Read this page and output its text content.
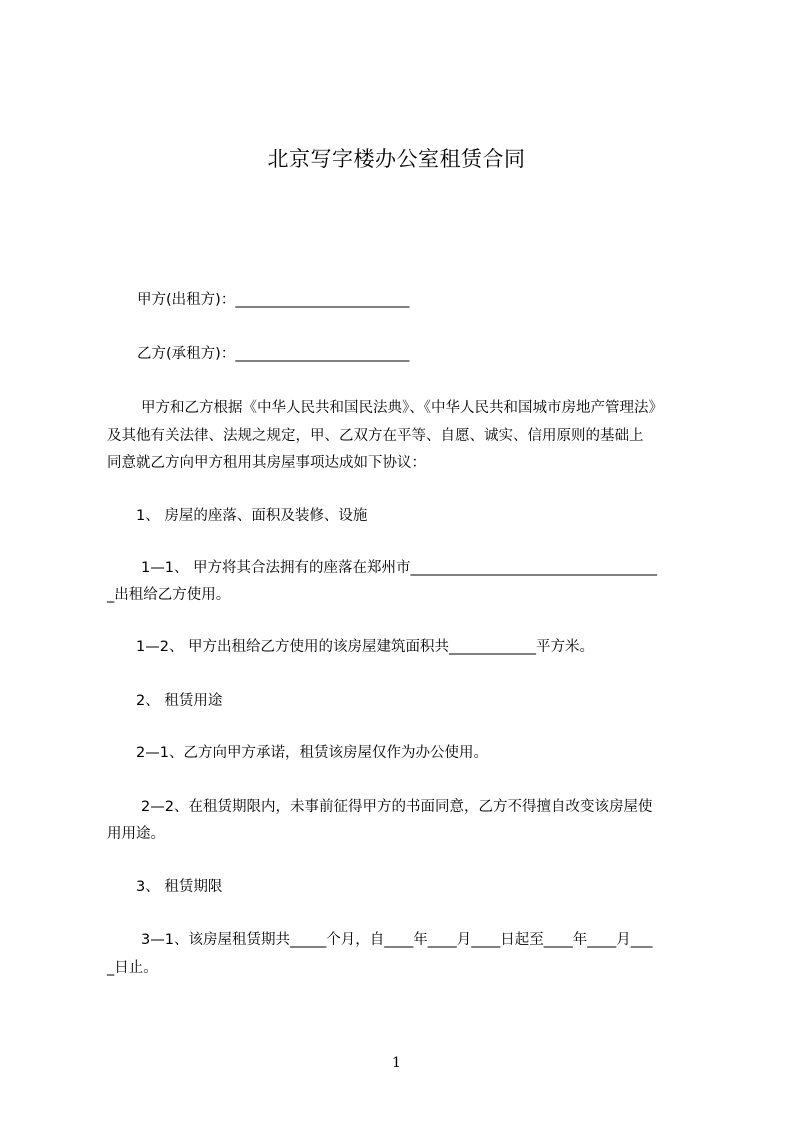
北京写字楼办公室租赁合同
甲方(出租方)：________________________
乙方(承租方)：________________________
甲方和乙方根据《中华人民共和国民法典》、《中华人民共和国城市房地产管理法》
及其他有关法律、法规之规定，甲、乙双方在平等、自愿、诚实、信用原则的基础上
同意就乙方向甲方租用其房屋事项达成如下协议：
1、 房屋的座落、面积及装修、设施
1—1、 甲方将其合法拥有的座落在郑州市__________________________________
_出租给乙方使用。
1—2、 甲方出租给乙方使用的该房屋建筑面积共____________平方米。
2、 租赁用途
2—1、乙方向甲方承诺，租赁该房屋仅作为办公使用。
2—2、在租赁期限内，未事前征得甲方的书面同意，乙方不得擅自改变该房屋使
用用途。
3、 租赁期限
3—1、该房屋租赁期共_____个月，自____年____月____日起至____年____月___
_日止。
1
